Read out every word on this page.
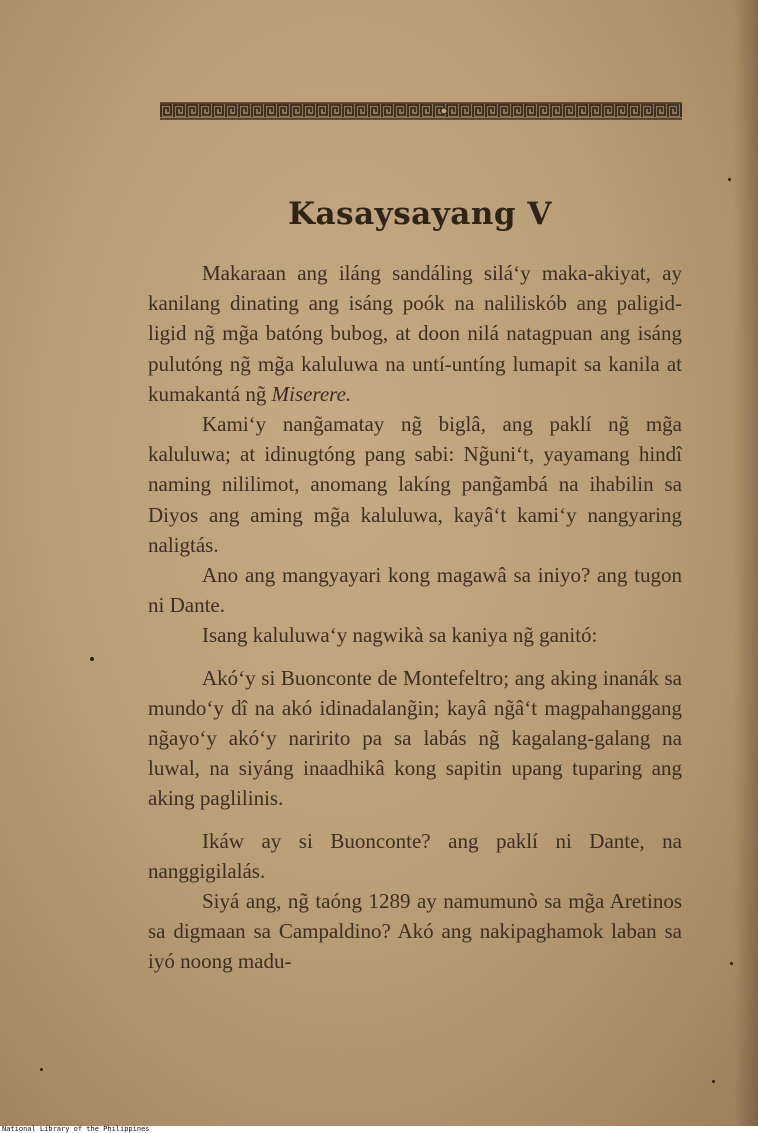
Kasaysayang V

Makaraan ang iláng sandáling silá‘y maka-akiyat, ay kanilang dinating ang isáng poók na naliliskób ang paligid-ligid ng̃ mg̃a batóng bubog, at doon nilá natagpuan ang isáng pulutóng ng̃ mg̃a kaluluwa na untí-untíng lumapit sa kanila at kumakantá ng̃ Miserere.

Kami‘y nang̃amatay ng̃ biglâ, ang paklí ng̃ mg̃a kaluluwa; at idinugtóng pang sabi: Ng̃uni‘t, yayamang hindî naming nililimot, anomang lakíng pang̃ambá na ihabilin sa Diyos ang aming mg̃a kaluluwa, kayâ‘t kami‘y nangyaring naligtás.

Ano ang mangyayari kong magawâ sa iniyo? ang tugon ni Dante.

Isang kaluluwa‘y nagwikà sa kaniya ng̃ ganitó:

Akó‘y si Buonconte de Montefeltro; ang aking inanák sa mundo‘y dî na akó idinadalang̃in; kayâ ng̃â‘t magpahanggang ng̃ayo‘y akó‘y naririto pa sa labás ng̃ kagalang-galang na luwal, na siyáng inaadhikâ kong sapitin upang tuparing ang aking paglilinis.

Ikáw ay si Buonconte? ang paklí ni Dante, na nanggigilalás.

Siyá ang, ng̃ taóng 1289 ay namumunò sa mg̃a Aretinos sa digmaan sa Campaldino? Akó ang nakipaghamok laban sa iyó noong madu-

National Library of the Philippines
